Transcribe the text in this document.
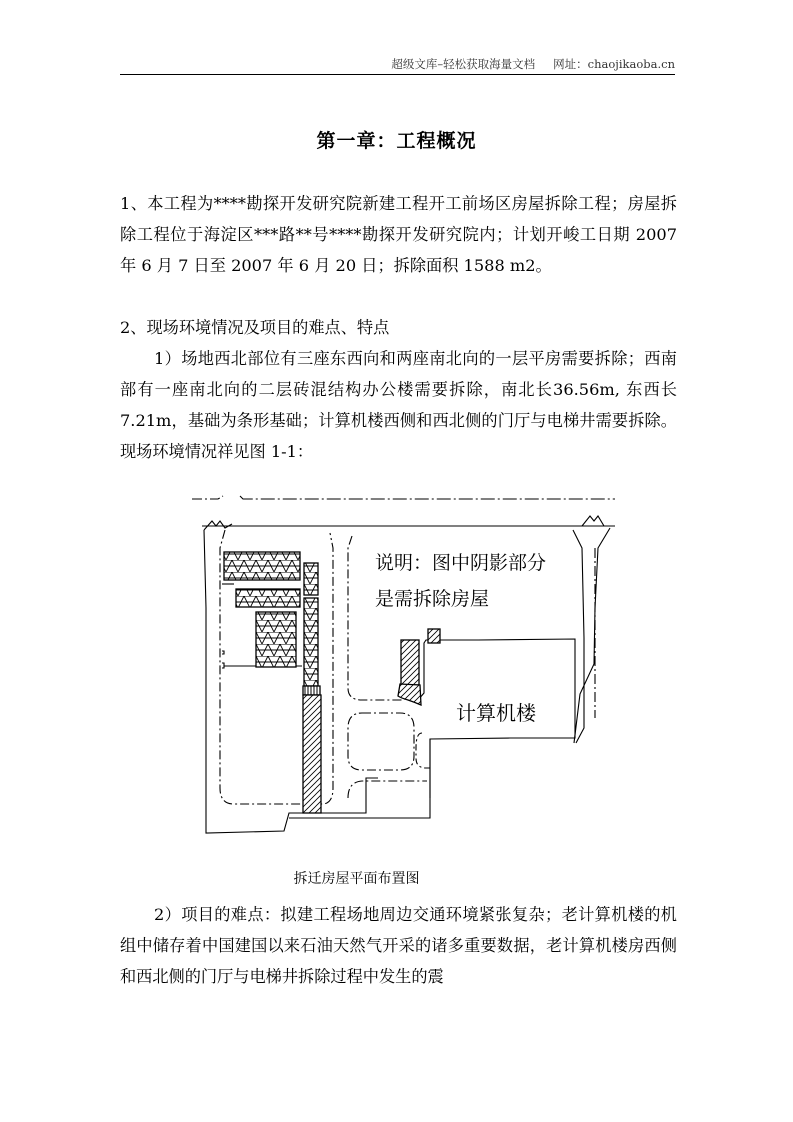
超级文库–轻松获取海量文档 网址：chaojikaoba.cn
第一章：工程概况

1、本工程为****勘探开发研究院新建工程开工前场区房屋拆除工程；房屋拆除工程位于海淀区***路**号****勘探开发研究院内；计划开峻工日期 2007 年 6 月 7 日至 2007 年 6 月 20 日；拆除面积 1588 m2。

2、现场环境情况及项目的难点、特点

1）场地西北部位有三座东西向和两座南北向的一层平房需要拆除；西南部有一座南北向的二层砖混结构办公楼需要拆除，南北长36.56m, 东西长 7.21m，基础为条形基础；计算机楼西侧和西北侧的门厅与电梯井需要拆除。现场环境情况祥见图 1-1：

说明：图中阴影部分
是需拆除房屋
计算机楼
拆迁房屋平面布置图

2）项目的难点：拟建工程场地周边交通环境紧张复杂；老计算机楼的机组中储存着中国建国以来石油天然气开采的诸多重要数据，老计算机楼房西侧和西北侧的门厅与电梯井拆除过程中发生的震
